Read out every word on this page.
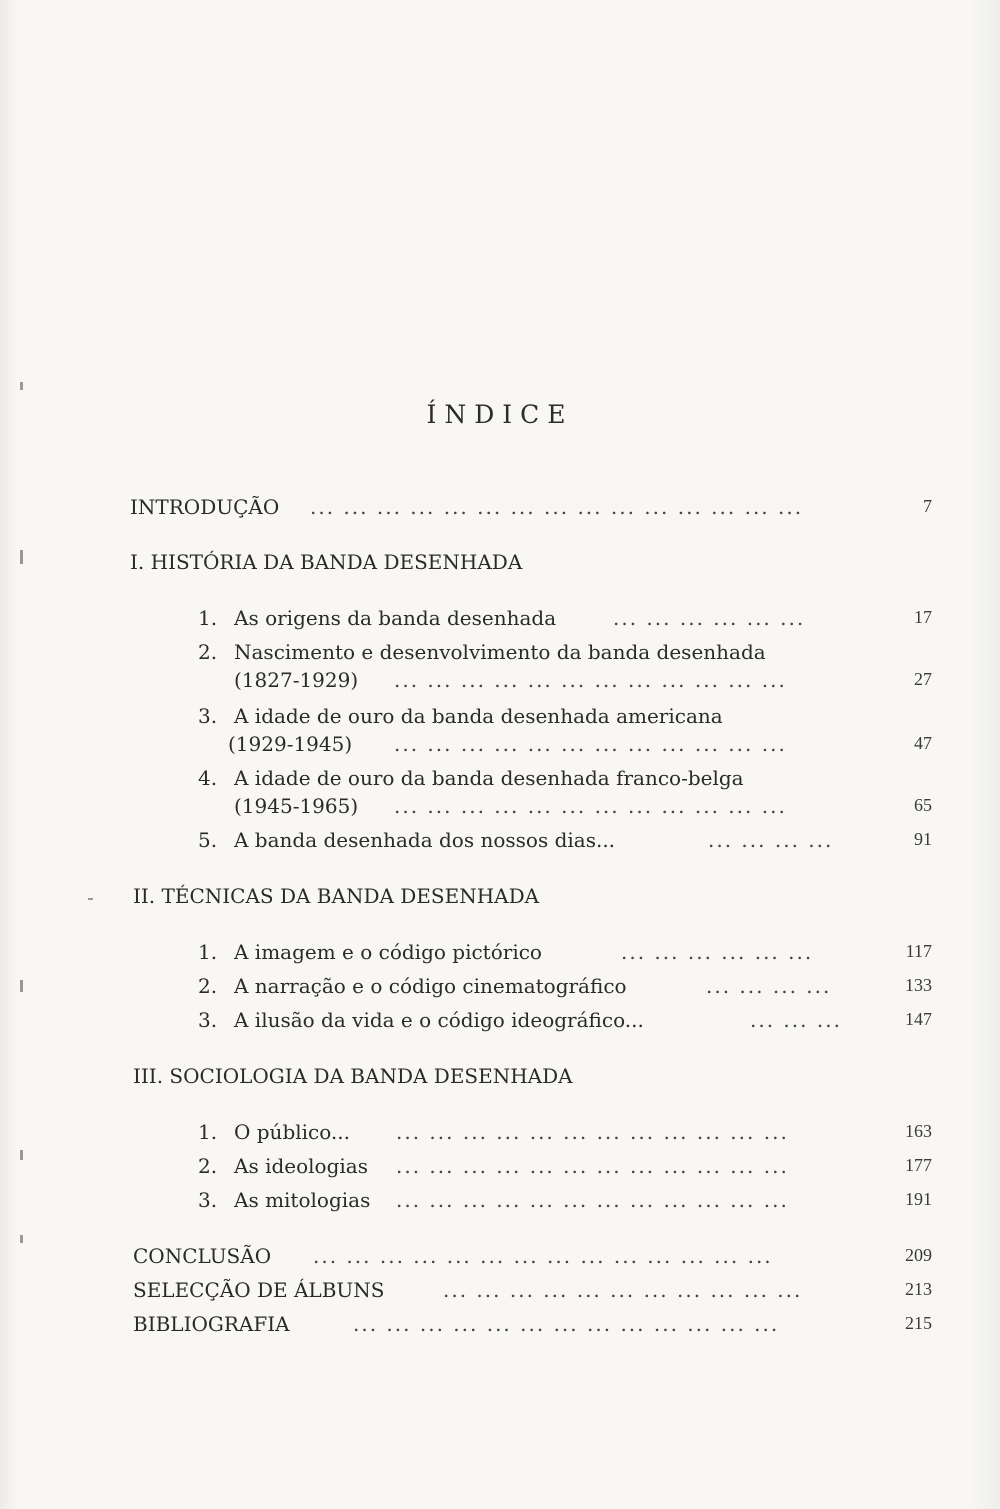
ÍNDICE
INTRODUÇÃO ... ... ... ... ... ... ... ... ... ... ... ... ... ... ...	7
I. HISTÓRIA DA BANDA DESENHADA
1. As origens da banda desenhada	... ... ... ... ... ...	17
2. Nascimento e desenvolvimento da banda desenhada
(1827-1929) ... ... ... ... ... ... ... ... ... ... ... ...	27
3. A idade de ouro da banda desenhada americana
(1929-1945) ... ... ... ... ... ... ... ... ... ... ... ...	47
4. A idade de ouro da banda desenhada franco-belga
(1945-1965) ... ... ... ... ... ... ... ... ... ... ... ...	65
5. A banda desenhada dos nossos dias...	... ... ... ...	91
II. TÉCNICAS DA BANDA DESENHADA
1. A imagem e o código pictórico	... ... ... ... ... ...	117
2. A narração e o código cinematográfico	... ... ... ...	133
3. A ilusão da vida e o código ideográfico...	... ... ...	147
III. SOCIOLOGIA DA BANDA DESENHADA
1. O público... ... ... ... ... ... ... ... ... ... ... ... ...	163
2. As ideologias ... ... ... ... ... ... ... ... ... ... ... ...	177
3. As mitologias ... ... ... ... ... ... ... ... ... ... ... ...	191
CONCLUSÃO ... ... ... ... ... ... ... ... ... ... ... ... ... ...	209
SELECÇÃO DE ÁLBUNS	... ... ... ... ... ... ... ... ... ... ...	213
BIBLIOGRAFIA	... ... ... ... ... ... ... ... ... ... ... ... ...	215
